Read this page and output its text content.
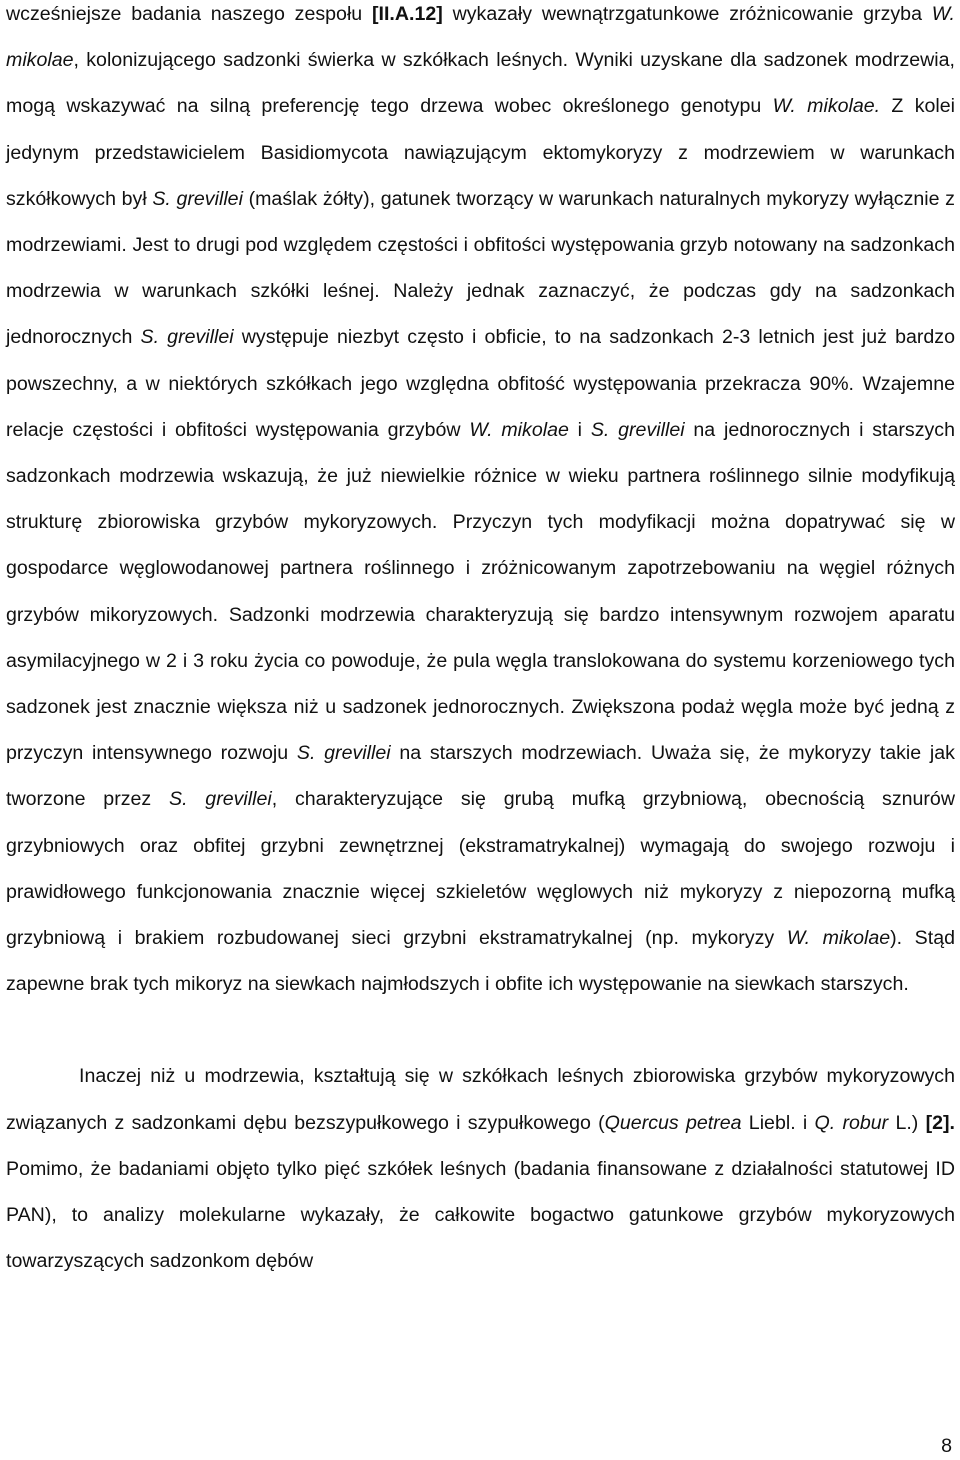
wcześniejsze badania naszego zespołu [II.A.12] wykazały wewnątrzgatunkowe zróżnicowanie grzyba W. mikolae, kolonizującego sadzonki świerka w szkółkach leśnych. Wyniki uzyskane dla sadzonek modrzewia, mogą wskazywać na silną preferencję tego drzewa wobec określonego genotypu W. mikolae. Z kolei jedynym przedstawicielem Basidiomycota nawiązującym ektomykoryzy z modrzewiem w warunkach szkółkowych był S. grevillei (maślak żółty), gatunek tworzący w warunkach naturalnych mykoryzy wyłącznie z modrzewiami. Jest to drugi pod względem częstości i obfitości występowania grzyb notowany na sadzonkach modrzewia w warunkach szkółki leśnej. Należy jednak zaznaczyć, że podczas gdy na sadzonkach jednorocznych S. grevillei występuje niezbyt często i obficie, to na sadzonkach 2-3 letnich jest już bardzo powszechny, a w niektórych szkółkach jego względna obfitość występowania przekracza 90%. Wzajemne relacje częstości i obfitości występowania grzybów W. mikolae i S. grevillei na jednorocznych i starszych sadzonkach modrzewia wskazują, że już niewielkie różnice w wieku partnera roślinnego silnie modyfikują strukturę zbiorowiska grzybów mykoryzowych. Przyczyn tych modyfikacji można dopatrywać się w gospodarce węglowodanowej partnera roślinnego i zróżnicowanym zapotrzebowaniu na węgiel różnych grzybów mikoryzowych. Sadzonki modrzewia charakteryzują się bardzo intensywnym rozwojem aparatu asymilacyjnego w 2 i 3 roku życia co powoduje, że pula węgla translokowana do systemu korzeniowego tych sadzonek jest znacznie większa niż u sadzonek jednorocznych. Zwiększona podaż węgla może być jedną z przyczyn intensywnego rozwoju S. grevillei na starszych modrzewiach. Uważa się, że mykoryzy takie jak tworzone przez S. grevillei, charakteryzujące się grubą mufką grzybniową, obecnością sznurów grzybniowych oraz obfitej grzybni zewnętrznej (ekstramatrykalnej) wymagają do swojego rozwoju i prawidłowego funkcjonowania znacznie więcej szkieletów węglowych niż mykoryzy z niepozorną mufką grzybniową i brakiem rozbudowanej sieci grzybni ekstramatrykalnej (np. mykoryzy W. mikolae). Stąd zapewne brak tych mikoryz na siewkach najmłodszych i obfite ich występowanie na siewkach starszych.

Inaczej niż u modrzewia, kształtują się w szkółkach leśnych zbiorowiska grzybów mykoryzowych związanych z sadzonkami dębu bezszypułkowego i szypułkowego (Quercus petrea Liebl. i Q. robur L.) [2]. Pomimo, że badaniami objęto tylko pięć szkółek leśnych (badania finansowane z działalności statutowej ID PAN), to analizy molekularne wykazały, że całkowite bogactwo gatunkowe grzybów mykoryzowych towarzyszących sadzonkom dębów

8
